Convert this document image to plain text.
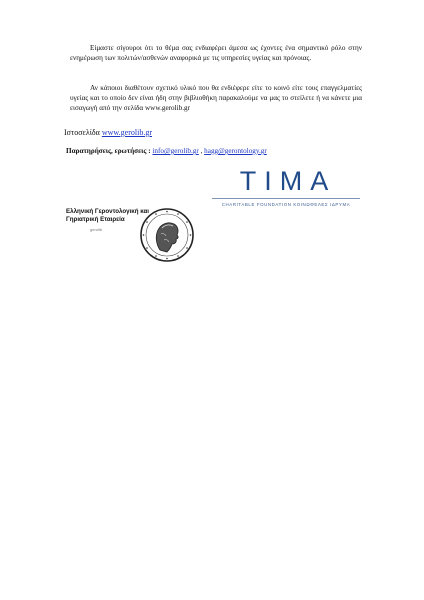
Είμαστε σίγουροι ότι το θέμα σας ενδιαφέρει άμεσα ως έχοντες ένα σημαντικό ρόλο στην ενημέρωση των πολιτών/ασθενών αναφορικά με τις υπηρεσίες υγείας και πρόνοιας.

Αν κάποιοι διαθέτουν σχετικό υλικό που θα ενδιέφερε είτε το κοινό είτε τους επαγγελματίες υγείας και το οποίο δεν είναι ήδη στην βιβλιοθήκη παρακαλούμε να μας το στείλετε ή να κάνετε μια εισαγωγή από την σελίδα www.gerolib.gr

Ιστοσελίδα www.gerolib.gr
Παρατηρήσεις, ερωτήσεις : info@gerolib.gr , hagg@gerontology.gr
TIMA
CHARITABLE FOUNDATION ΚΟΙΝΩΦΕΛΕΣ ΙΔΡΥΜΑ
Ελληνική Γεροντολογική και Γηριατρική Εταιρεία
gerolib
